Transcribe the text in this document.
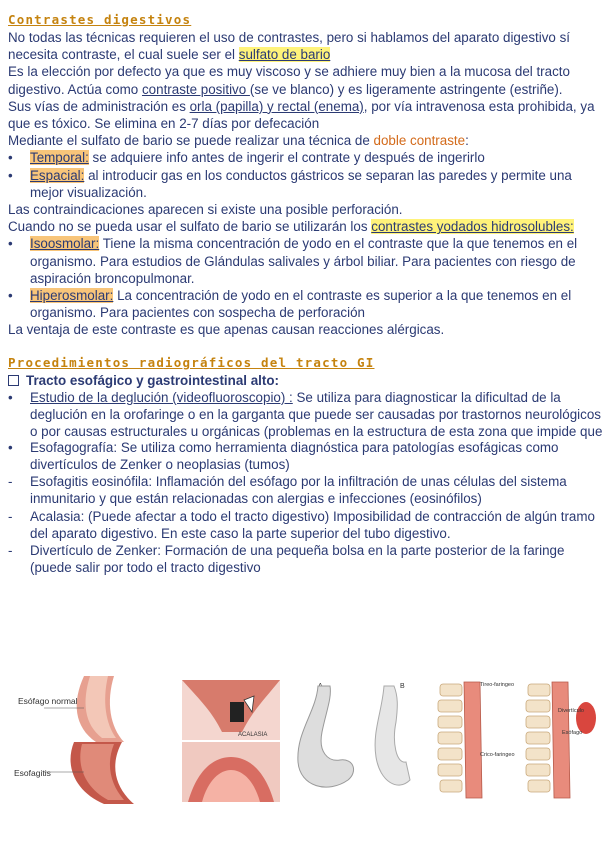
Contrastes digestivos

No todas las técnicas requieren el uso de contrastes, pero si hablamos del aparato digestivo sí necesita contraste, el cual suele ser el sulfato de bario

Es la elección por defecto ya que es muy viscoso y se adhiere muy bien a la mucosa del tracto digestivo. Actúa como contraste positivo (se ve blanco) y es ligeramente astringente (estriñe).

Sus vías de administración es orla (papilla) y rectal (enema), por vía intravenosa esta prohibida, ya que es tóxico. Se elimina en 2-7 días por defecación

Mediante el sulfato de bario se puede realizar una técnica de doble contraste:

• Temporal: se adquiere info antes de ingerir el contrate y después de ingerirlo
• Espacial: al introducir gas en los conductos gástricos se separan las paredes y permite una mejor visualización.

Las contraindicaciones aparecen si existe una posible perforación.

Cuando no se pueda usar el sulfato de bario se utilizarán los contrastes yodados hidrosolubles:

• Isoosmolar: Tiene la misma concentración de yodo en el contraste que la que tenemos en el organismo. Para estudios de Glándulas salivales y árbol biliar. Para pacientes con riesgo de aspiración broncopulmonar.
• Hiperosmolar: La concentración de yodo en el contraste es superior a la que tenemos en el organismo. Para pacientes con sospecha de perforación

La ventaja de este contraste es que apenas causan reacciones alérgicas.

Procedimientos radiográficos del tracto GI

Tracto esofágico y gastrointestinal alto:

• Estudio de la deglución (videofluoroscopio) : Se utiliza para diagnosticar la dificultad de la deglución en la orofaringe o en la garganta que puede ser causadas por trastornos neurológicos o por causas estructurales u orgánicas (problemas en la estructura de esta zona que impide que
• Esofagografía: Se utiliza como herramienta diagnóstica para patologías esofágicas como divertículos de Zenker o neoplasias (tumos)
- Esofagitis eosinófila: Inflamación del esófago por la infiltración de unas células del sistema inmunitario y que están relacionadas con alergias e infecciones (eosinófilos)
- Acalasia: (Puede afectar a todo el tracto digestivo) Imposibilidad de contracción de algún tramo del aparato digestivo. En este caso la parte superior del tubo digestivo.
- Divertículo de Zenker: Formación de una pequeña bolsa en la parte posterior de la faringe (puede salir por todo el tracto digestivo
Esófago normal
Esofagitis
ACALASIA
B	Tireo-faringeo
Divertículo
Esófago
Crico-faringeo
